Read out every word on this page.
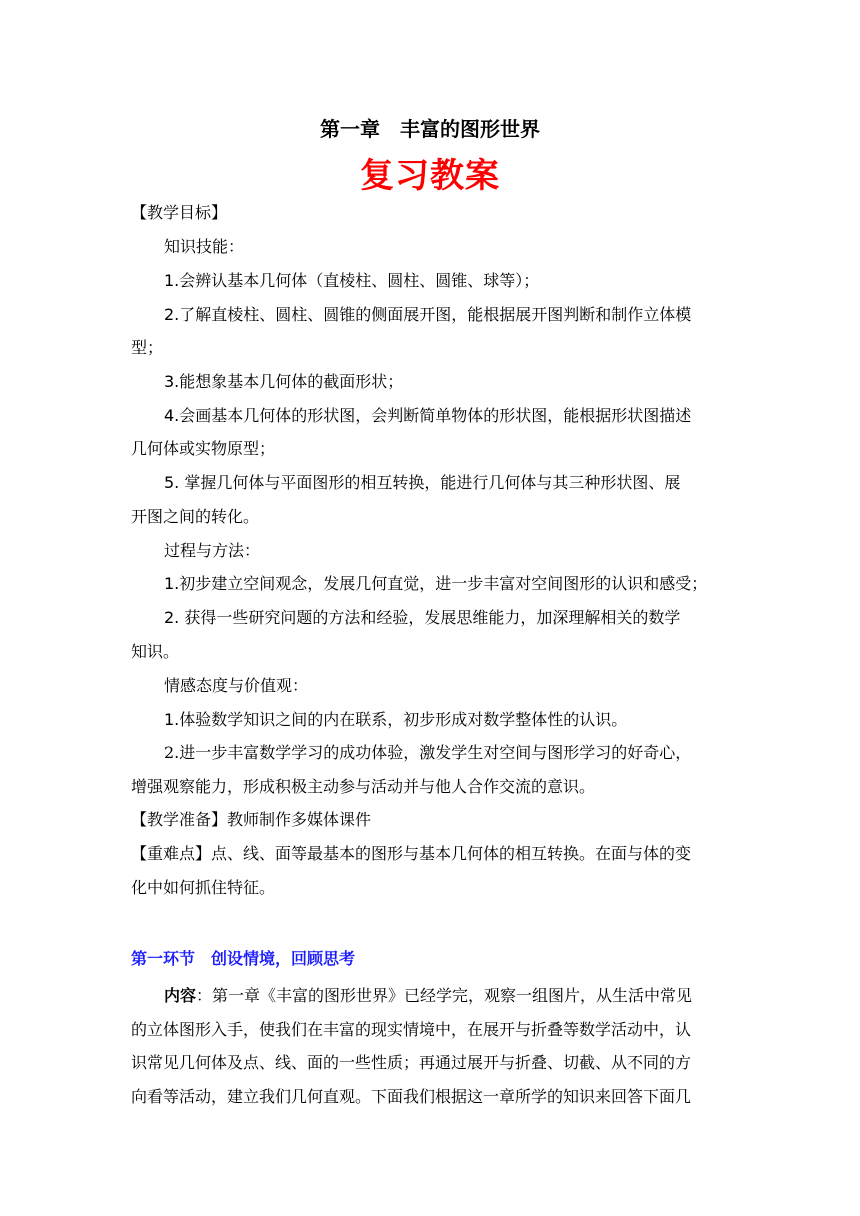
第一章　丰富的图形世界
复习教案
【教学目标】
知识技能：
1.会辨认基本几何体（直棱柱、圆柱、圆锥、球等）；
2.了解直棱柱、圆柱、圆锥的侧面展开图，能根据展开图判断和制作立体模
型；
3.能想象基本几何体的截面形状；
4.会画基本几何体的形状图，会判断简单物体的形状图，能根据形状图描述
几何体或实物原型；
5. 掌握几何体与平面图形的相互转换，能进行几何体与其三种形状图、展
开图之间的转化。
过程与方法：
1.初步建立空间观念，发展几何直觉，进一步丰富对空间图形的认识和感受；
2. 获得一些研究问题的方法和经验，发展思维能力，加深理解相关的数学
知识。
情感态度与价值观：
1.体验数学知识之间的内在联系，初步形成对数学整体性的认识。
2.进一步丰富数学学习的成功体验，激发学生对空间与图形学习的好奇心，
增强观察能力，形成积极主动参与活动并与他人合作交流的意识。
【教学准备】教师制作多媒体课件
【重难点】点、线、面等最基本的图形与基本几何体的相互转换。在面与体的变
化中如何抓住特征。
第一环节　创设情境，回顾思考
内容：第一章《丰富的图形世界》已经学完，观察一组图片，从生活中常见
的立体图形入手，使我们在丰富的现实情境中，在展开与折叠等数学活动中，认
识常见几何体及点、线、面的一些性质；再通过展开与折叠、切截、从不同的方
向看等活动，建立我们几何直观。下面我们根据这一章所学的知识来回答下面几
